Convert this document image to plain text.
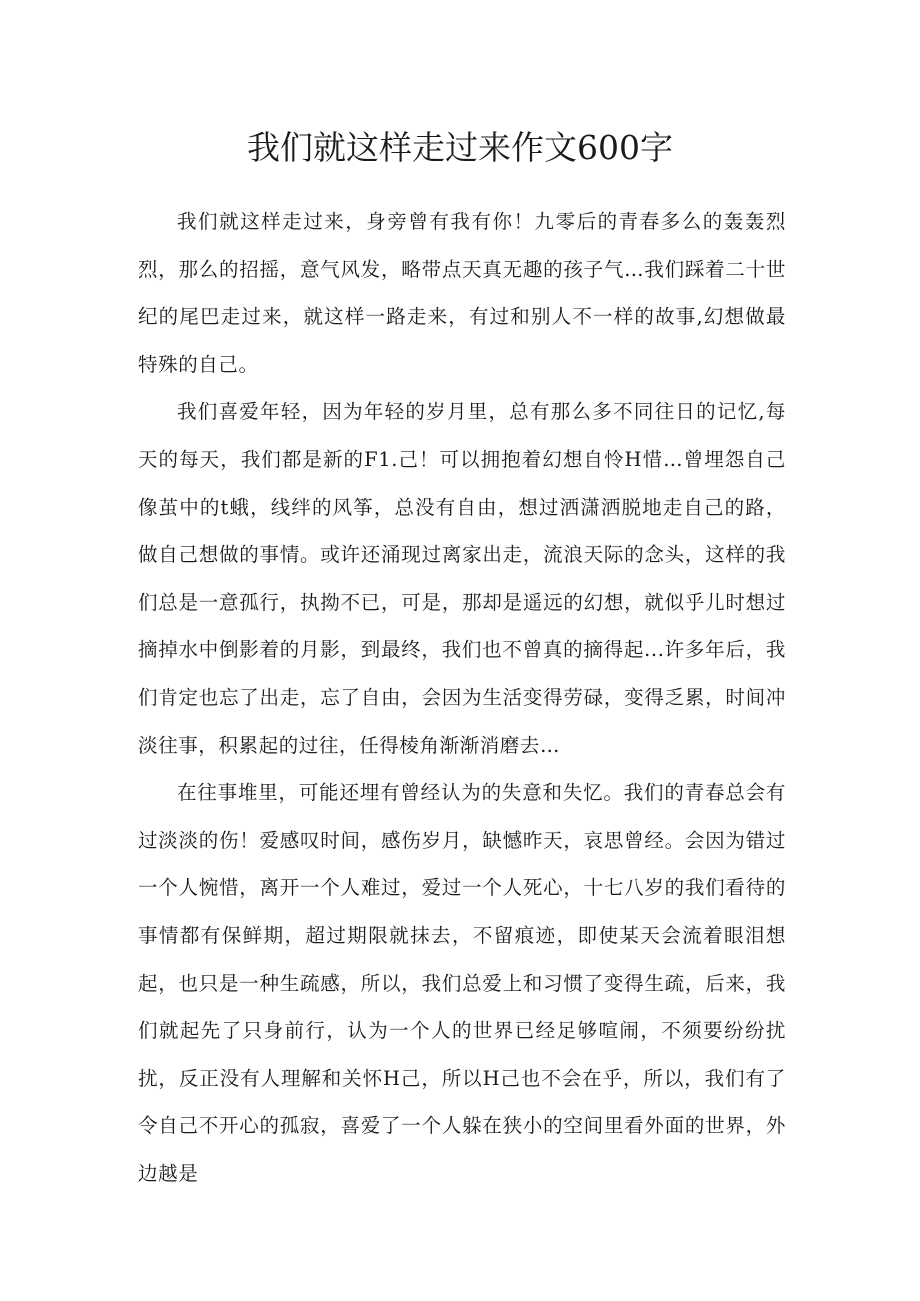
我们就这样走过来作文600字

我们就这样走过来，身旁曾有我有你！九零后的青春多么的轰轰烈烈，那么的招摇，意气风发，略带点天真无趣的孩子气…我们踩着二十世纪的尾巴走过来，就这样一路走来，有过和别人不一样的故事,幻想做最特殊的自己。

我们喜爱年轻，因为年轻的岁月里，总有那么多不同往日的记忆,每天的每天，我们都是新的F1.己！可以拥抱着幻想自怜H惜…曾埋怨自己像茧中的t蛾，线绊的风筝，总没有自由，想过洒潇洒脱地走自己的路，做自己想做的事情。或许还涌现过离家出走，流浪天际的念头，这样的我们总是一意孤行，执拗不已，可是，那却是遥远的幻想，就似乎儿时想过摘掉水中倒影着的月影，到最终，我们也不曾真的摘得起...许多年后，我们肯定也忘了出走，忘了自由，会因为生活变得劳碌，变得乏累，时间冲淡往事，积累起的过往，任得棱角渐渐消磨去…

在往事堆里，可能还埋有曾经认为的失意和失忆。我们的青春总会有过淡淡的伤！爱感叹时间，感伤岁月，缺憾昨天，哀思曾经。会因为错过一个人惋惜，离开一个人难过，爱过一个人死心，十七八岁的我们看待的事情都有保鲜期，超过期限就抹去，不留痕迹，即使某天会流着眼泪想起，也只是一种生疏感，所以，我们总爱上和习惯了变得生疏，后来，我们就起先了只身前行，认为一个人的世界已经足够喧闹，不须要纷纷扰扰，反正没有人理解和关怀H己，所以H己也不会在乎，所以，我们有了令自己不开心的孤寂，喜爱了一个人躲在狭小的空间里看外面的世界，外边越是
